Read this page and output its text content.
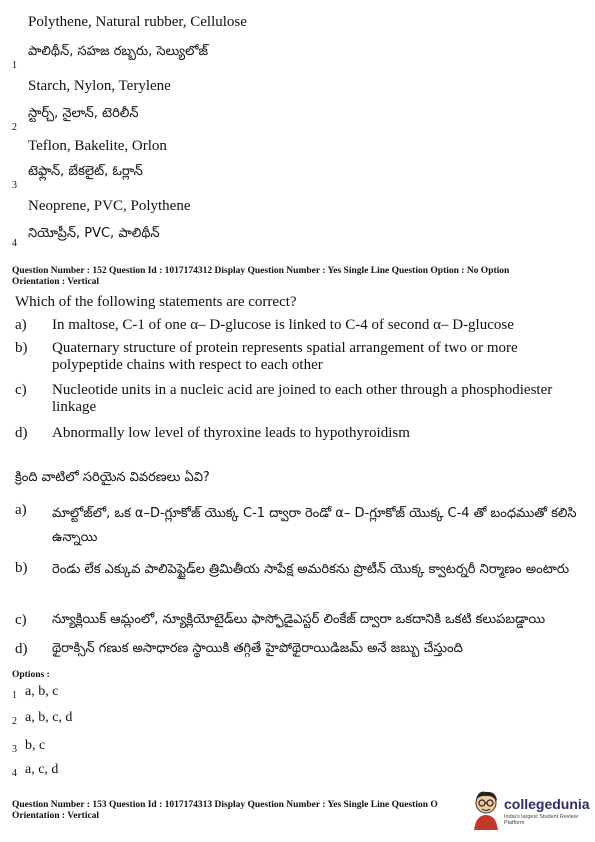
Polythene, Natural rubber, Cellulose
1
పాలిథీన్, సహజ రబ్బరు, సెల్యులోజ్
Starch, Nylon, Terylene
2
స్టార్చ్, నైలాన్, టెరిలీన్
Teflon, Bakelite, Orlon
3
టెఫ్లాన్, బేకలైట్, ఓర్లాన్
Neoprene, PVC, Polythene
4
నియోప్రీన్, PVC, పాలిథీన్
Question Number : 152 Question Id : 1017174312 Display Question Number : Yes Single Line Question Option : No Option
Orientation : Vertical
Which of the following statements are correct?
a)	In maltose, C-1 of one α– D-glucose is linked to C-4 of second α– D-glucose
b)	Quaternary structure of protein represents spatial arrangement of two or more polypeptide chains with respect to each other
c)	Nucleotide units in a nucleic acid are joined to each other through a phosphodiester linkage
d)	Abnormally low level of thyroxine leads to hypothyroidism
క్రింది వాటిలో సరియైన వివరణలు ఏవి?
a)	మాల్టోజ్‌లో, ఒక α–D-గ్లూకోజ్ యొక్క C-1 ద్వారా రెండో α– D-గ్లూకోజ్ యొక్క C-4 తో బంధముతో కలిసి ఉన్నాయి
b)	రెండు లేక ఎక్కువ పాలిపెప్టైడ్‌ల త్రిమితీయ సాపేక్ష అమరికను ప్రొటీన్ యొక్క క్వాటర్నరీ నిర్మాణం అంటారు
c)	న్యూక్లియిక్ ఆమ్లంలో, న్యూక్లియోటైడ్‌లు ఫాస్ఫోడైఎస్టర్ లింకేజ్ ద్వారా ఒకదానికి ఒకటి కలుపబడ్డాయి
d)	థైరాక్సిన్ గణుక అసాధారణ స్థాయికి తగ్గితే హైపోథైరాయిడిజమ్ అనే జబ్బు చేస్తుంది
Options :
1 a, b, c
2 a, b, c, d
3 b, c
4 a, c, d
Question Number : 153 Question Id : 1017174313 Display Question Number : Yes Single Line Question O
Orientation : Vertical
collegedunia
India's largest Student Review Platform
